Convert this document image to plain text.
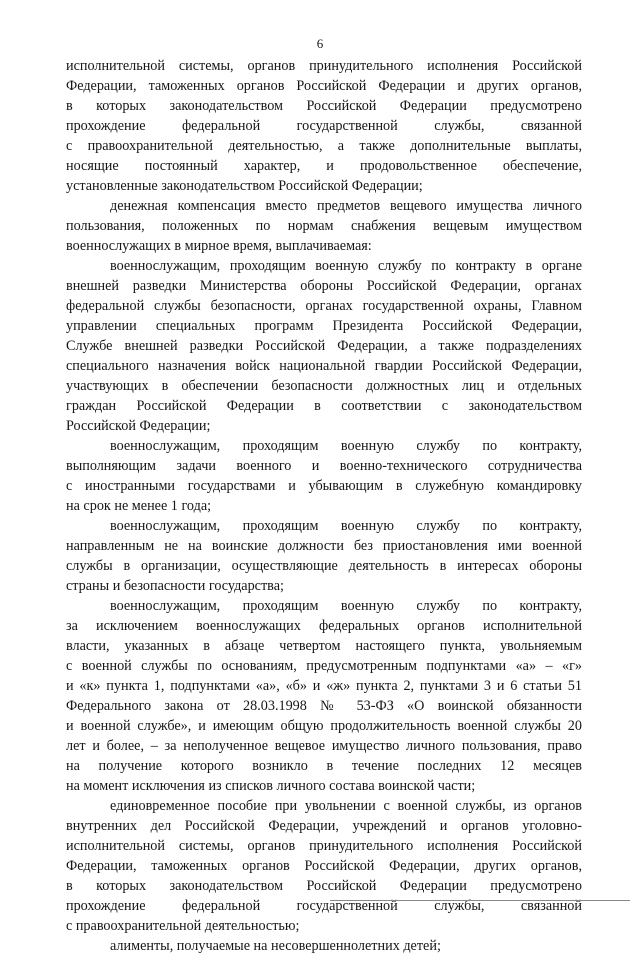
6
исполнительной системы, органов принудительного исполнения Российской
Федерации, таможенных органов Российской Федерации и других органов,
в которых законодательством Российской Федерации предусмотрено
прохождение федеральной государственной службы, связанной
с правоохранительной деятельностью, а также дополнительные выплаты,
носящие постоянный характер, и продовольственное обеспечение,
установленные законодательством Российской Федерации;
денежная компенсация вместо предметов вещевого имущества личного
пользования, положенных по нормам снабжения вещевым имуществом
военнослужащих в мирное время, выплачиваемая:
военнослужащим, проходящим военную службу по контракту в органе
внешней разведки Министерства обороны Российской Федерации, органах
федеральной службы безопасности, органах государственной охраны, Главном
управлении специальных программ Президента Российской Федерации,
Службе внешней разведки Российской Федерации, а также подразделениях
специального назначения войск национальной гвардии Российской Федерации,
участвующих в обеспечении безопасности должностных лиц и отдельных
граждан Российской Федерации в соответствии с законодательством
Российской Федерации;
военнослужащим, проходящим военную службу по контракту,
выполняющим задачи военного и военно-технического сотрудничества
с иностранными государствами и убывающим в служебную командировку
на срок не менее 1 года;
военнослужащим, проходящим военную службу по контракту,
направленным не на воинские должности без приостановления ими военной
службы в организации, осуществляющие деятельность в интересах обороны
страны и безопасности государства;
военнослужащим, проходящим военную службу по контракту,
за исключением военнослужащих федеральных органов исполнительной
власти, указанных в абзаце четвертом настоящего пункта, увольняемым
с военной службы по основаниям, предусмотренным подпунктами «а» – «г»
и «к» пункта 1, подпунктами «а», «б» и «ж» пункта 2, пунктами 3 и 6 статьи 51
Федерального закона от 28.03.1998 № 53-ФЗ «О воинской обязанности
и военной службе», и имеющим общую продолжительность военной службы 20
лет и более, – за неполученное вещевое имущество личного пользования, право
на получение которого возникло в течение последних 12 месяцев
на момент исключения из списков личного состава воинской части;
единовременное пособие при увольнении с военной службы, из органов
внутренних дел Российской Федерации, учреждений и органов уголовно-
исполнительной системы, органов принудительного исполнения Российской
Федерации, таможенных органов Российской Федерации, других органов,
в которых законодательством Российской Федерации предусмотрено
прохождение федеральной государственной службы, связанной
с правоохранительной деятельностью;
алименты, получаемые на несовершеннолетних детей;
